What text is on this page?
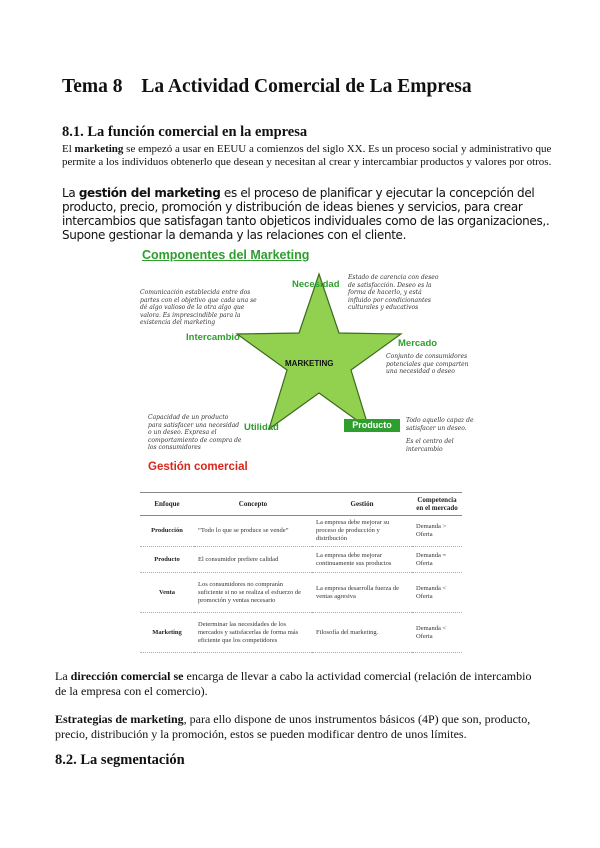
Tema 8 La Actividad Comercial de La Empresa
8.1. La función comercial en la empresa
El marketing se empezó a usar en EEUU a comienzos del siglo XX. Es un proceso social y administrativo que permite a los individuos obtenerlo que desean y necesitan al crear y intercambiar productos y valores por otros.
La gestión del marketing es el proceso de planificar y ejecutar la concepción del producto, precio, promoción y distribución de ideas bienes y servicios, para crear intercambios que satisfagan tanto objeticos individuales como de las organizaciones,. Supone gestionar la demanda y las relaciones con el cliente.
Componentes del Marketing
MARKETING
Necesidad
Intercambio
Mercado
Utilidad	Producto
Estado de carencia con deseo de satisfacción. Deseo es la forma de hacerlo, y está influido por condicionantes culturales y educativos
Comunicación establecida entre dos partes con el objetivo que cada una se dé algo valioso de la otra algo que valora. Es imprescindible para la existencia del marketing
Conjunto de consumidores potenciales que comparten una necesidad o deseo
Capacidad de un producto para satisfacer una necesidad o un deseo. Expresa el comportamiento de compra de los consumidores
Todo aquello capaz de satisfacer un deseo.
Es el centro del intercambio
Gestión comercial
Enfoque	Concepto	Gestión	Competencia en el mercado
Producción	“Todo lo que se produce se vende”	La empresa debe mejorar su proceso de producción y distribución	Demanda > Oferta
Producto	El consumidor prefiere calidad	La empresa debe mejorar continuamente sus productos	Demanda = Oferta
Venta	Los consumidores no comprarán suficiente si no se realiza el esfuerzo de promoción y ventas necesario	La empresa desarrolla fuerza de ventas agresiva	Demanda < Oferta
Marketing	Determinar las necesidades de los mercados y satisfacerlas de forma más eficiente que los competidores	Filosofía del marketing.	Demanda < Oferta
La dirección comercial se encarga de llevar a cabo la actividad comercial (relación de intercambio de la empresa con el comercio).
Estrategias de marketing, para ello dispone de unos instrumentos básicos (4P) que son, producto, precio, distribución y la promoción, estos se pueden modificar dentro de unos límites.
8.2. La segmentación
